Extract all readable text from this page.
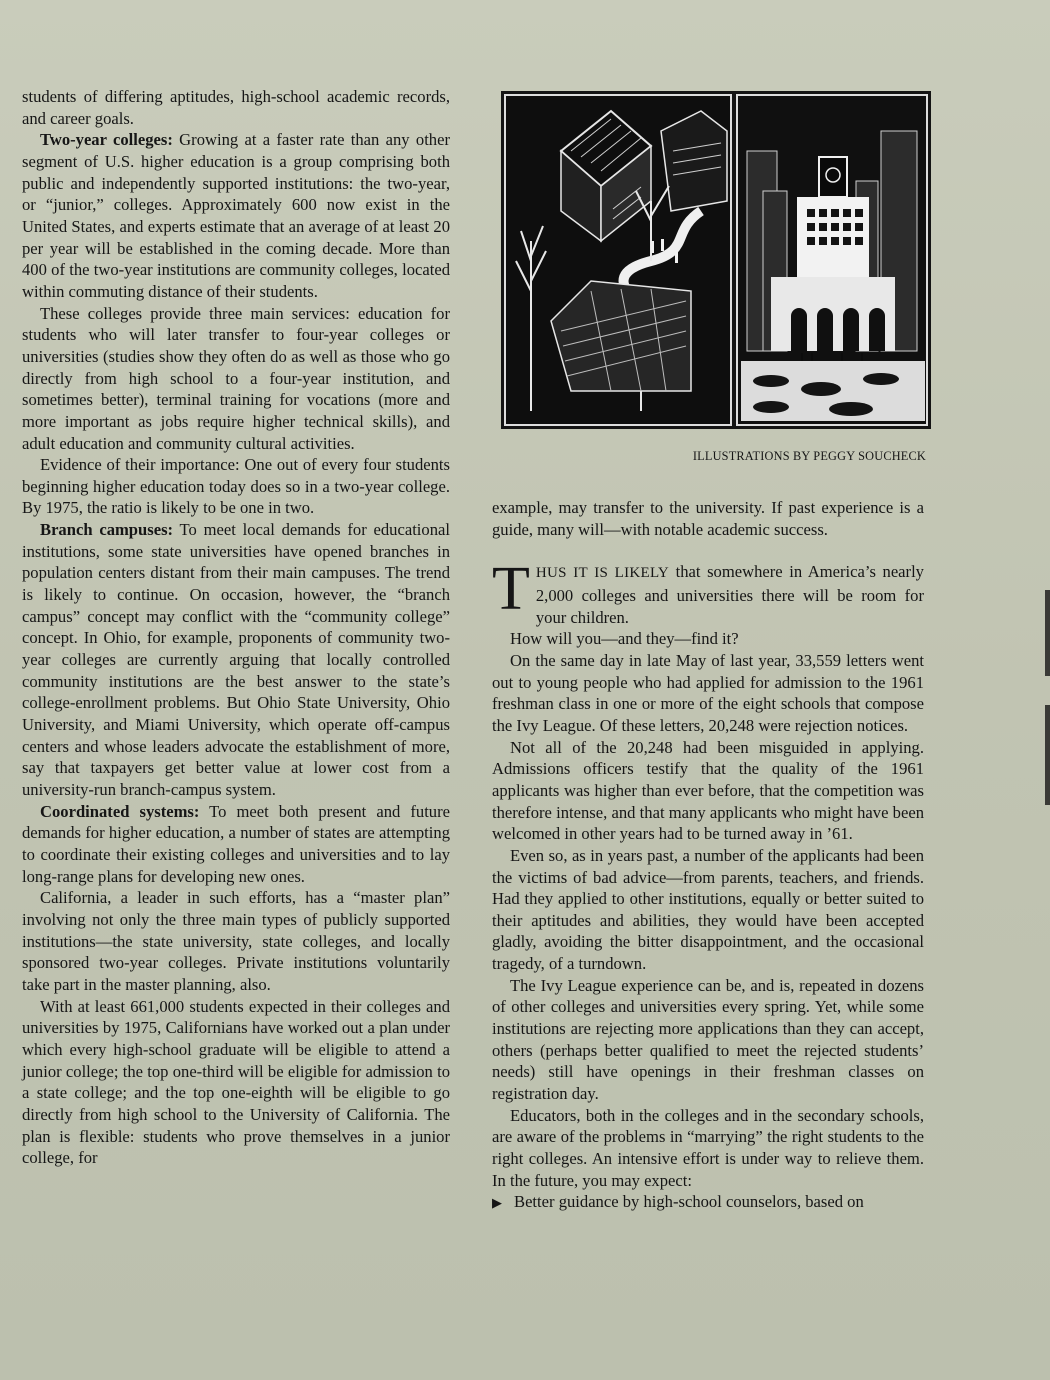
students of differing aptitudes, high-school academic records, and career goals.

Two-year colleges: Growing at a faster rate than any other segment of U.S. higher education is a group comprising both public and independently supported institutions: the two-year, or “junior,” colleges. Approximately 600 now exist in the United States, and experts estimate that an average of at least 20 per year will be established in the coming decade. More than 400 of the two-year institutions are community colleges, located within commuting distance of their students.

These colleges provide three main services: education for students who will later transfer to four-year colleges or universities (studies show they often do as well as those who go directly from high school to a four-year institution, and sometimes better), terminal training for vocations (more and more important as jobs require higher technical skills), and adult education and community cultural activities.

Evidence of their importance: One out of every four students beginning higher education today does so in a two-year college. By 1975, the ratio is likely to be one in two.

Branch campuses: To meet local demands for educational institutions, some state universities have opened branches in population centers distant from their main campuses. The trend is likely to continue. On occasion, however, the “branch campus” concept may conflict with the “community college” concept. In Ohio, for example, proponents of community two-year colleges are currently arguing that locally controlled community institutions are the best answer to the state’s college-enrollment problems. But Ohio State University, Ohio University, and Miami University, which operate off-campus centers and whose leaders advocate the establishment of more, say that taxpayers get better value at lower cost from a university-run branch-campus system.

Coordinated systems: To meet both present and future demands for higher education, a number of states are attempting to coordinate their existing colleges and universities and to lay long-range plans for developing new ones.

California, a leader in such efforts, has a “master plan” involving not only the three main types of publicly supported institutions—the state university, state colleges, and locally sponsored two-year colleges. Private institutions voluntarily take part in the master planning, also.

With at least 661,000 students expected in their colleges and universities by 1975, Californians have worked out a plan under which every high-school graduate will be eligible to attend a junior college; the top one-third will be eligible for admission to a state college; and the top one-eighth will be eligible to go directly from high school to the University of California. The plan is flexible: students who prove themselves in a junior college, for

ILLUSTRATIONS BY PEGGY SOUCHECK

example, may transfer to the university. If past experience is a guide, many will—with notable academic success.

THUS IT IS LIKELY that somewhere in America’s nearly 2,000 colleges and universities there will be room for your children.

How will you—and they—find it?

On the same day in late May of last year, 33,559 letters went out to young people who had applied for admission to the 1961 freshman class in one or more of the eight schools that compose the Ivy League. Of these letters, 20,248 were rejection notices.

Not all of the 20,248 had been misguided in applying. Admissions officers testify that the quality of the 1961 applicants was higher than ever before, that the competition was therefore intense, and that many applicants who might have been welcomed in other years had to be turned away in ’61.

Even so, as in years past, a number of the applicants had been the victims of bad advice—from parents, teachers, and friends. Had they applied to other institutions, equally or better suited to their aptitudes and abilities, they would have been accepted gladly, avoiding the bitter disappointment, and the occasional tragedy, of a turndown.

The Ivy League experience can be, and is, repeated in dozens of other colleges and universities every spring. Yet, while some institutions are rejecting more applications than they can accept, others (perhaps better qualified to meet the rejected students’ needs) still have openings in their freshman classes on registration day.

Educators, both in the colleges and in the secondary schools, are aware of the problems in “marrying” the right students to the right colleges. An intensive effort is under way to relieve them. In the future, you may expect:

▶ Better guidance by high-school counselors, based on
